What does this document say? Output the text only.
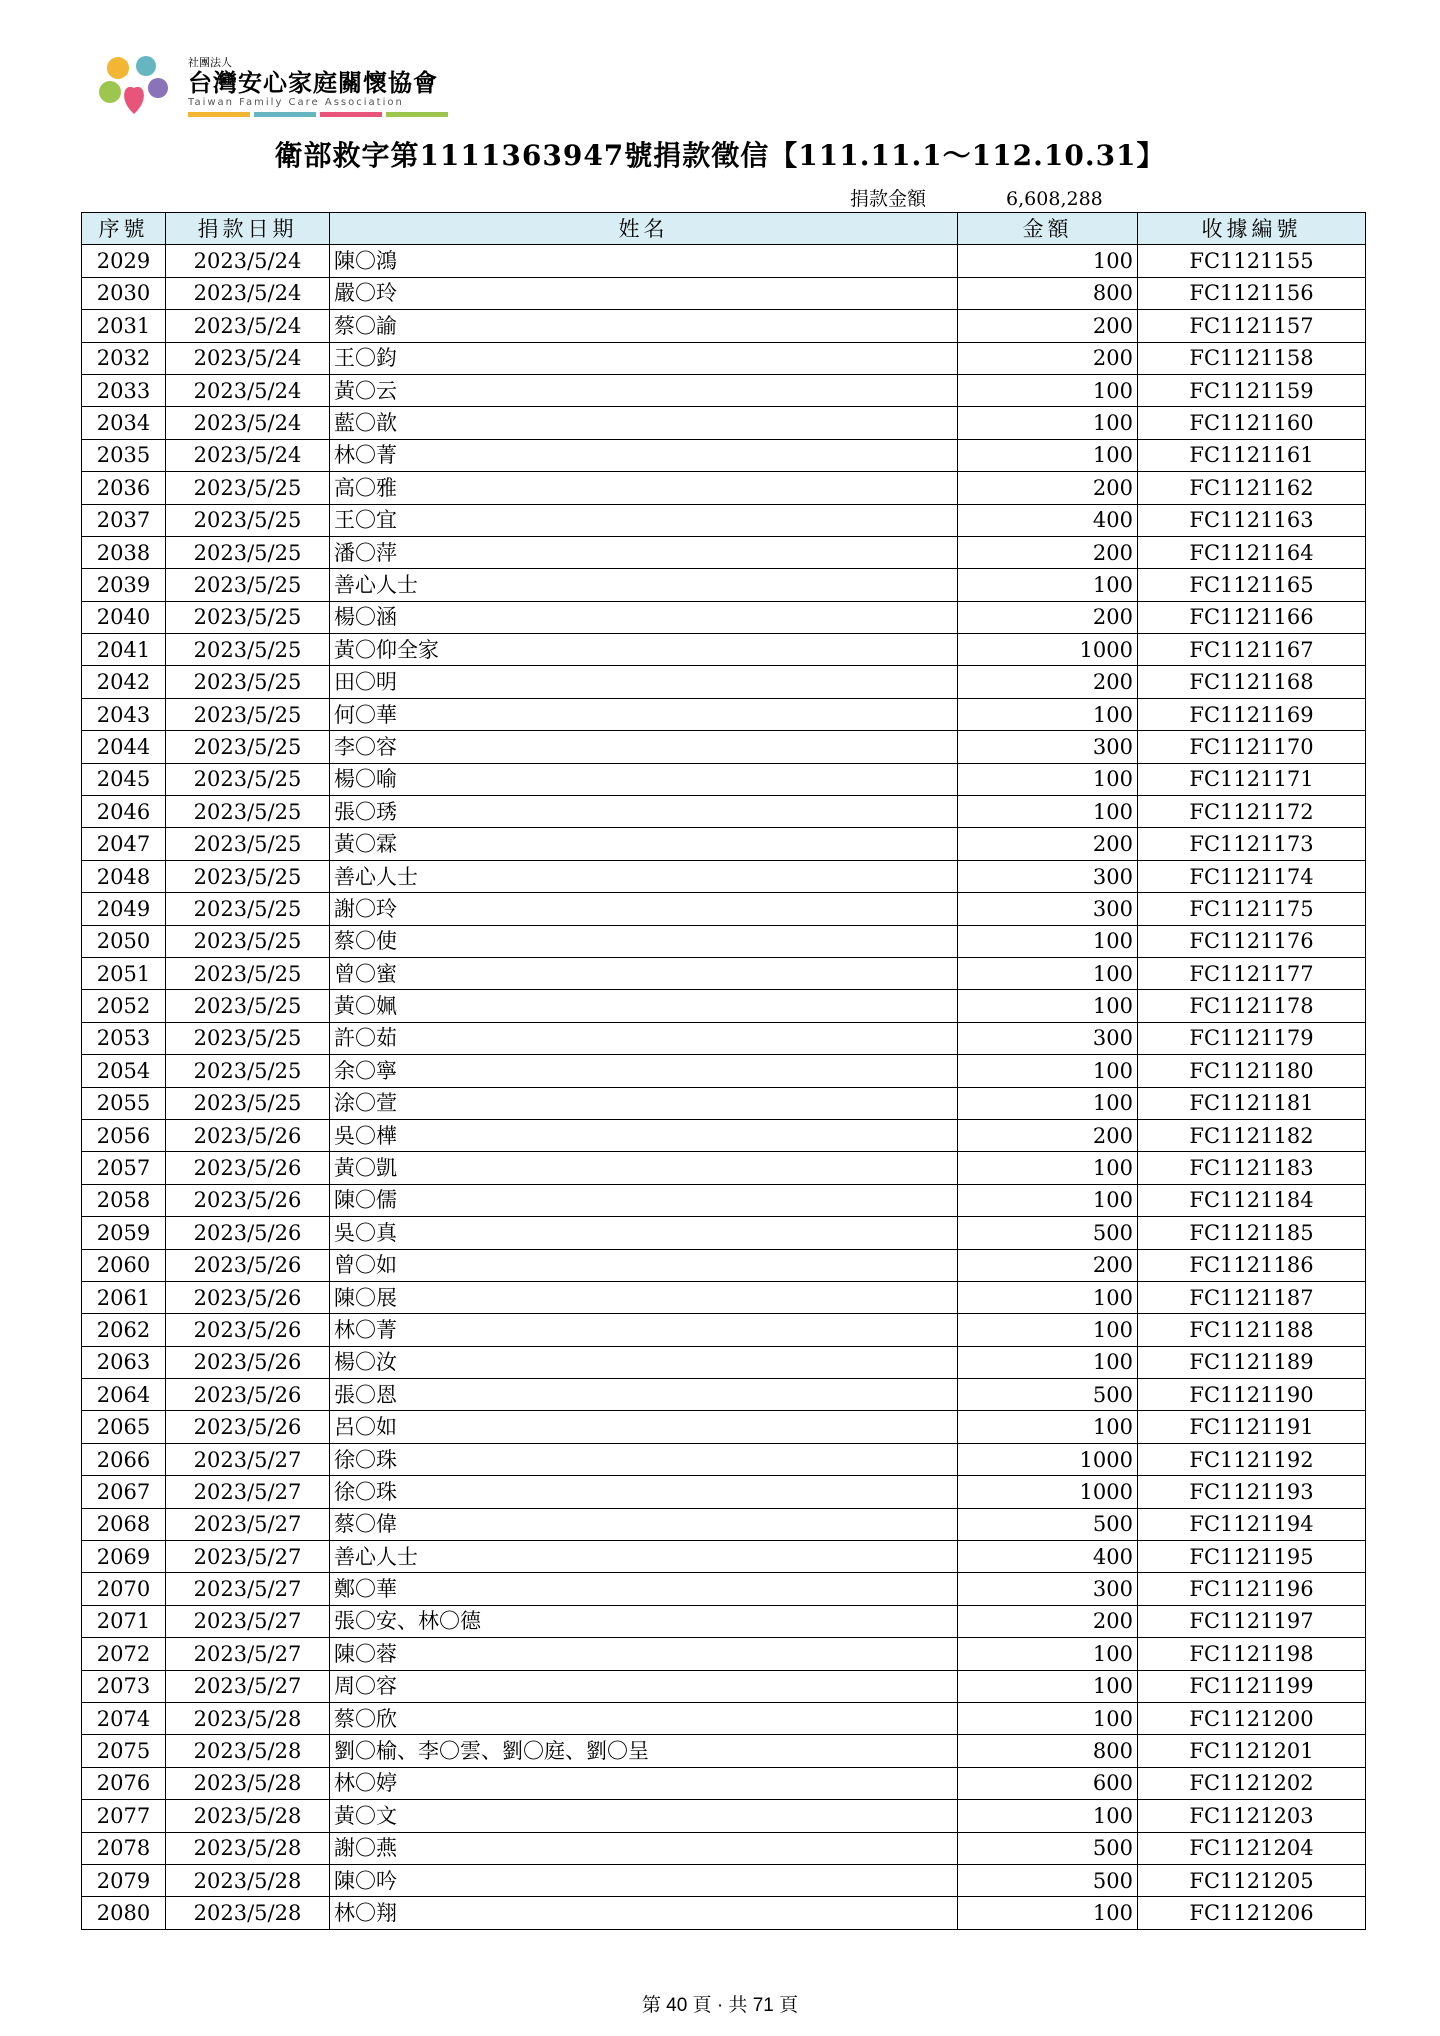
社團法人
台灣安心家庭關懷協會
Taiwan Family Care Association
衛部救字第1111363947號捐款徵信【111.11.1～112.10.31】
捐款金額	6,608,288
序號	捐款日期	姓名	金額	收據編號
2029	2023/5/24	陳〇鴻	100	FC1121155
2030	2023/5/24	嚴〇玲	800	FC1121156
2031	2023/5/24	蔡〇諭	200	FC1121157
2032	2023/5/24	王〇鈞	200	FC1121158
2033	2023/5/24	黃〇云	100	FC1121159
2034	2023/5/24	藍〇歆	100	FC1121160
2035	2023/5/24	林〇菁	100	FC1121161
2036	2023/5/25	高〇雅	200	FC1121162
2037	2023/5/25	王〇宜	400	FC1121163
2038	2023/5/25	潘〇萍	200	FC1121164
2039	2023/5/25	善心人士	100	FC1121165
2040	2023/5/25	楊〇涵	200	FC1121166
2041	2023/5/25	黃〇仰全家	1000	FC1121167
2042	2023/5/25	田〇明	200	FC1121168
2043	2023/5/25	何〇華	100	FC1121169
2044	2023/5/25	李〇容	300	FC1121170
2045	2023/5/25	楊〇喻	100	FC1121171
2046	2023/5/25	張〇琇	100	FC1121172
2047	2023/5/25	黃〇霖	200	FC1121173
2048	2023/5/25	善心人士	300	FC1121174
2049	2023/5/25	謝〇玲	300	FC1121175
2050	2023/5/25	蔡〇使	100	FC1121176
2051	2023/5/25	曾〇蜜	100	FC1121177
2052	2023/5/25	黃〇姵	100	FC1121178
2053	2023/5/25	許〇茹	300	FC1121179
2054	2023/5/25	余〇寧	100	FC1121180
2055	2023/5/25	涂〇萱	100	FC1121181
2056	2023/5/26	吳〇樺	200	FC1121182
2057	2023/5/26	黃〇凱	100	FC1121183
2058	2023/5/26	陳〇儒	100	FC1121184
2059	2023/5/26	吳〇真	500	FC1121185
2060	2023/5/26	曾〇如	200	FC1121186
2061	2023/5/26	陳〇展	100	FC1121187
2062	2023/5/26	林〇菁	100	FC1121188
2063	2023/5/26	楊〇汝	100	FC1121189
2064	2023/5/26	張〇恩	500	FC1121190
2065	2023/5/26	呂〇如	100	FC1121191
2066	2023/5/27	徐〇珠	1000	FC1121192
2067	2023/5/27	徐〇珠	1000	FC1121193
2068	2023/5/27	蔡〇偉	500	FC1121194
2069	2023/5/27	善心人士	400	FC1121195
2070	2023/5/27	鄭〇華	300	FC1121196
2071	2023/5/27	張〇安、林〇德	200	FC1121197
2072	2023/5/27	陳〇蓉	100	FC1121198
2073	2023/5/27	周〇容	100	FC1121199
2074	2023/5/28	蔡〇欣	100	FC1121200
2075	2023/5/28	劉〇榆、李〇雲、劉〇庭、劉〇呈	800	FC1121201
2076	2023/5/28	林〇婷	600	FC1121202
2077	2023/5/28	黃〇文	100	FC1121203
2078	2023/5/28	謝〇燕	500	FC1121204
2079	2023/5/28	陳〇吟	500	FC1121205
2080	2023/5/28	林〇翔	100	FC1121206
第 40 頁 · 共 71 頁
